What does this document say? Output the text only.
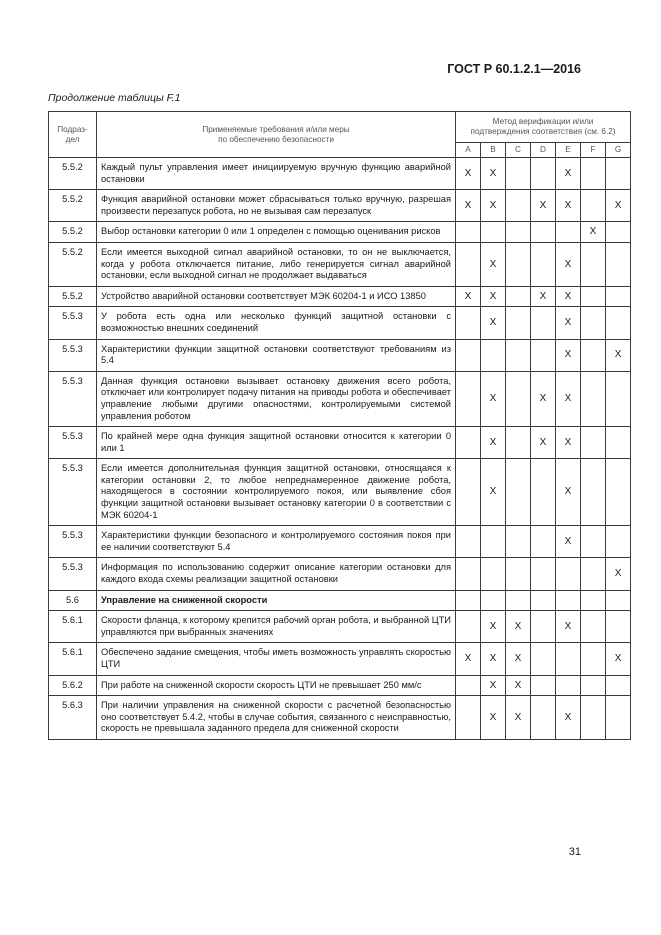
ГОСТ Р 60.1.2.1—2016
Продолжение таблицы F.1
Подраз-
дел	Применяемые требования и/или меры
по обеспечению безопасности	Метод верификации и/или
подтверждения соответствия (см. 6.2)						
		A	B	C	D	E	F	G
5.5.2	Каждый пульт управления имеет инициируемую вручную функцию аварийной остановки	X	X			X		
5.5.2	Функция аварийной остановки может сбрасываться только вручную, разрешая произвести перезапуск робота, но не вызывая сам перезапуск	X	X		X	X		X
5.5.2	Выбор остановки категории 0 или 1 определен с помощью оценивания рисков						X	
5.5.2	Если имеется выходной сигнал аварийной остановки, то он не выключается, когда у робота отключается питание, либо генерируется сигнал аварийной остановки, если выходной сигнал не продолжает выдаваться		X			X		
5.5.2	Устройство аварийной остановки соответствует МЭК 60204-1 и ИСО 13850	X	X		X	X		
5.5.3	У робота есть одна или несколько функций защитной остановки с возможностью внешних соединений		X			X		
5.5.3	Характеристики функции защитной остановки соответствуют требованиям из 5.4					X		X
5.5.3	Данная функция остановки вызывает остановку движения всего робота, отключает или контролирует подачу питания на приводы робота и обеспечивает управление любыми другими опасностями, контролируемыми системой управления роботом		X		X	X		
5.5.3	По крайней мере одна функция защитной остановки относится к категории 0 или 1		X		X	X		
5.5.3	Если имеется дополнительная функция защитной остановки, относящаяся к категории остановки 2, то любое непреднамеренное движение робота, находящегося в состоянии контролируемого покоя, или выявление сбоя функции защитной остановки вызывает остановку категории 0 в соответствии с МЭК 60204-1		X			X		
5.5.3	Характеристики функции безопасного и контролируемого состояния покоя при ее наличии соответствуют 5.4					X		
5.5.3	Информация по использованию содержит описание категории остановки для каждого входа схемы реализации защитной остановки							X
5.6	Управление на сниженной скорости							
5.6.1	Скорости фланца, к которому крепится рабочий орган робота, и выбранной ЦТИ управляются при выбранных значениях		X	X		X		
5.6.1	Обеспечено задание смещения, чтобы иметь возможность управлять скоростью ЦТИ	X	X	X				X
5.6.2	При работе на сниженной скорости скорость ЦТИ не превышает 250 мм/с		X	X				
5.6.3	При наличии управления на сниженной скорости с расчетной безопасностью оно соответствует 5.4.2, чтобы в случае события, связанного с неисправностью, скорость не превышала заданного предела для сниженной скорости		X	X		X		
31
